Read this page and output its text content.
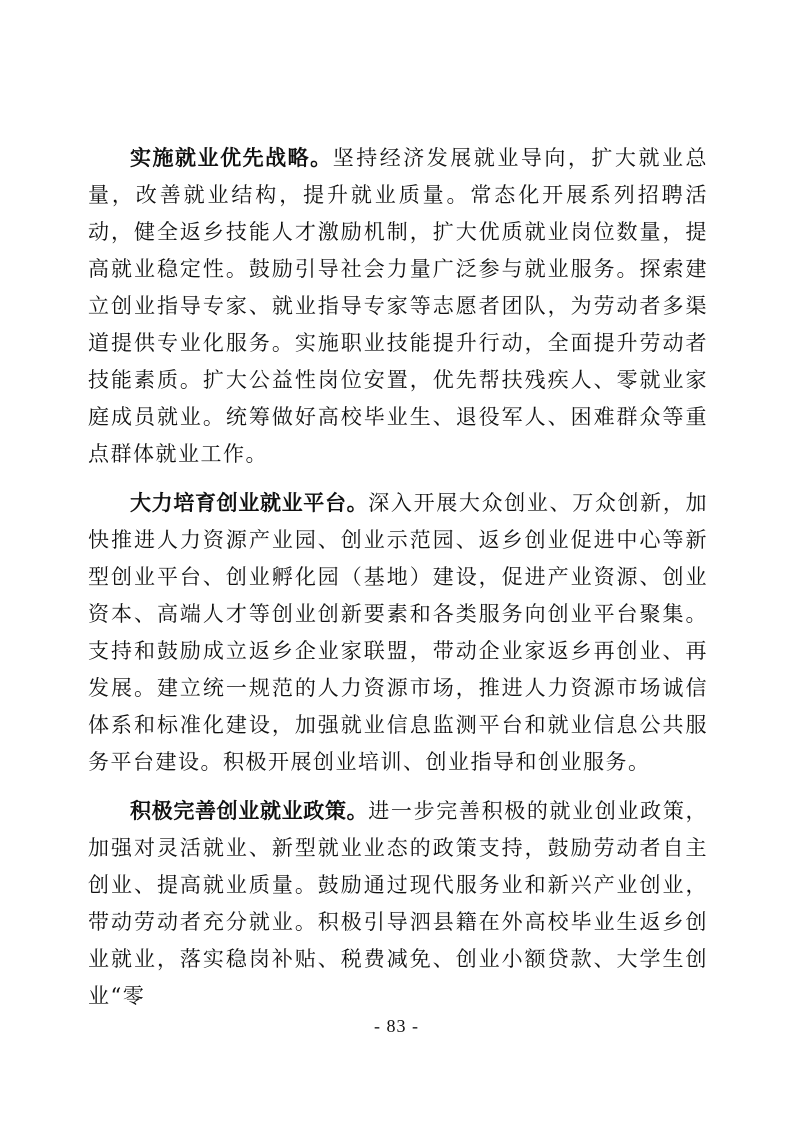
实施就业优先战略。坚持经济发展就业导向，扩大就业总量，改善就业结构，提升就业质量。常态化开展系列招聘活动，健全返乡技能人才激励机制，扩大优质就业岗位数量，提高就业稳定性。鼓励引导社会力量广泛参与就业服务。探索建立创业指导专家、就业指导专家等志愿者团队，为劳动者多渠道提供专业化服务。实施职业技能提升行动，全面提升劳动者技能素质。扩大公益性岗位安置，优先帮扶残疾人、零就业家庭成员就业。统筹做好高校毕业生、退役军人、困难群众等重点群体就业工作。

大力培育创业就业平台。深入开展大众创业、万众创新，加快推进人力资源产业园、创业示范园、返乡创业促进中心等新型创业平台、创业孵化园（基地）建设，促进产业资源、创业资本、高端人才等创业创新要素和各类服务向创业平台聚集。支持和鼓励成立返乡企业家联盟，带动企业家返乡再创业、再发展。建立统一规范的人力资源市场，推进人力资源市场诚信体系和标准化建设，加强就业信息监测平台和就业信息公共服务平台建设。积极开展创业培训、创业指导和创业服务。

积极完善创业就业政策。进一步完善积极的就业创业政策，加强对灵活就业、新型就业业态的政策支持，鼓励劳动者自主创业、提高就业质量。鼓励通过现代服务业和新兴产业创业，带动劳动者充分就业。积极引导泗县籍在外高校毕业生返乡创业就业，落实稳岗补贴、税费减免、创业小额贷款、大学生创业“零

- 83 -
